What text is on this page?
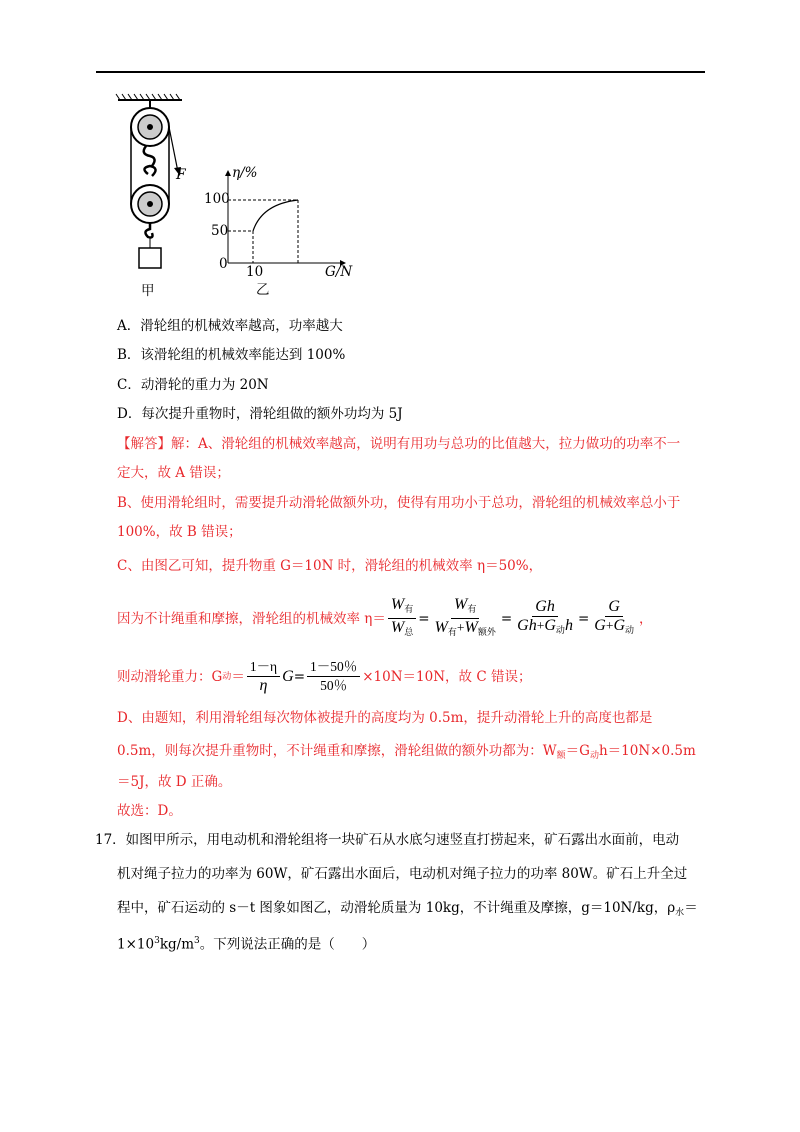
F
甲
η/%
100
50
0 10	G/N
乙
A．滑轮组的机械效率越高，功率越大
B．该滑轮组的机械效率能达到 100%
C．动滑轮的重力为 20N
D．每次提升重物时，滑轮组做的额外功均为 5J
【解答】解：A、滑轮组的机械效率越高，说明有用功与总功的比值越大，拉力做功的功率不一
定大，故 A 错误；
B、使用滑轮组时，需要提升动滑轮做额外功，使得有用功小于总功，滑轮组的机械效率总小于
100%，故 B 错误；
C、由图乙可知，提升物重 G＝10N 时，滑轮组的机械效率 η＝50%，
因为不计绳重和摩擦，滑轮组的机械效率 $\eta= \frac{W_有}{W_总} = \frac{W_有}{W_有+W_{额外}} = \frac{Gh}{Gh+G_动h} = \frac{G}{G+G_动}$ ，
则动滑轮重力：G 动 ＝ $\frac{1-\eta}{\eta}$ $G = \frac{1-50\%}{50\%} \times 10N=10N$，故 C 错误；
D、由题知，利用滑轮组每次物体被提升的高度均为 0.5m，提升动滑轮上升的高度也都是
0.5m，则每次提升重物时，不计绳重和摩擦，滑轮组做的额外功都为：$W_额=G_动h=10N\times 0.5m$
＝5J，故 D 正确。
故选：D。
17．如图甲所示，用电动机和滑轮组将一块矿石从水底匀速竖直打捞起来，矿石露出水面前，电动
机对绳子拉力的功率为 60W，矿石露出水面后，电动机对绳子拉力的功率 80W。矿石上升全过
程中，矿石运动的 s－t 图象如图乙，动滑轮质量为 10kg，不计绳重及摩擦，g＝10N/kg，$\rho_水=$
$1\times 10^3kg/m^3$。下列说法正确的是（　　）
